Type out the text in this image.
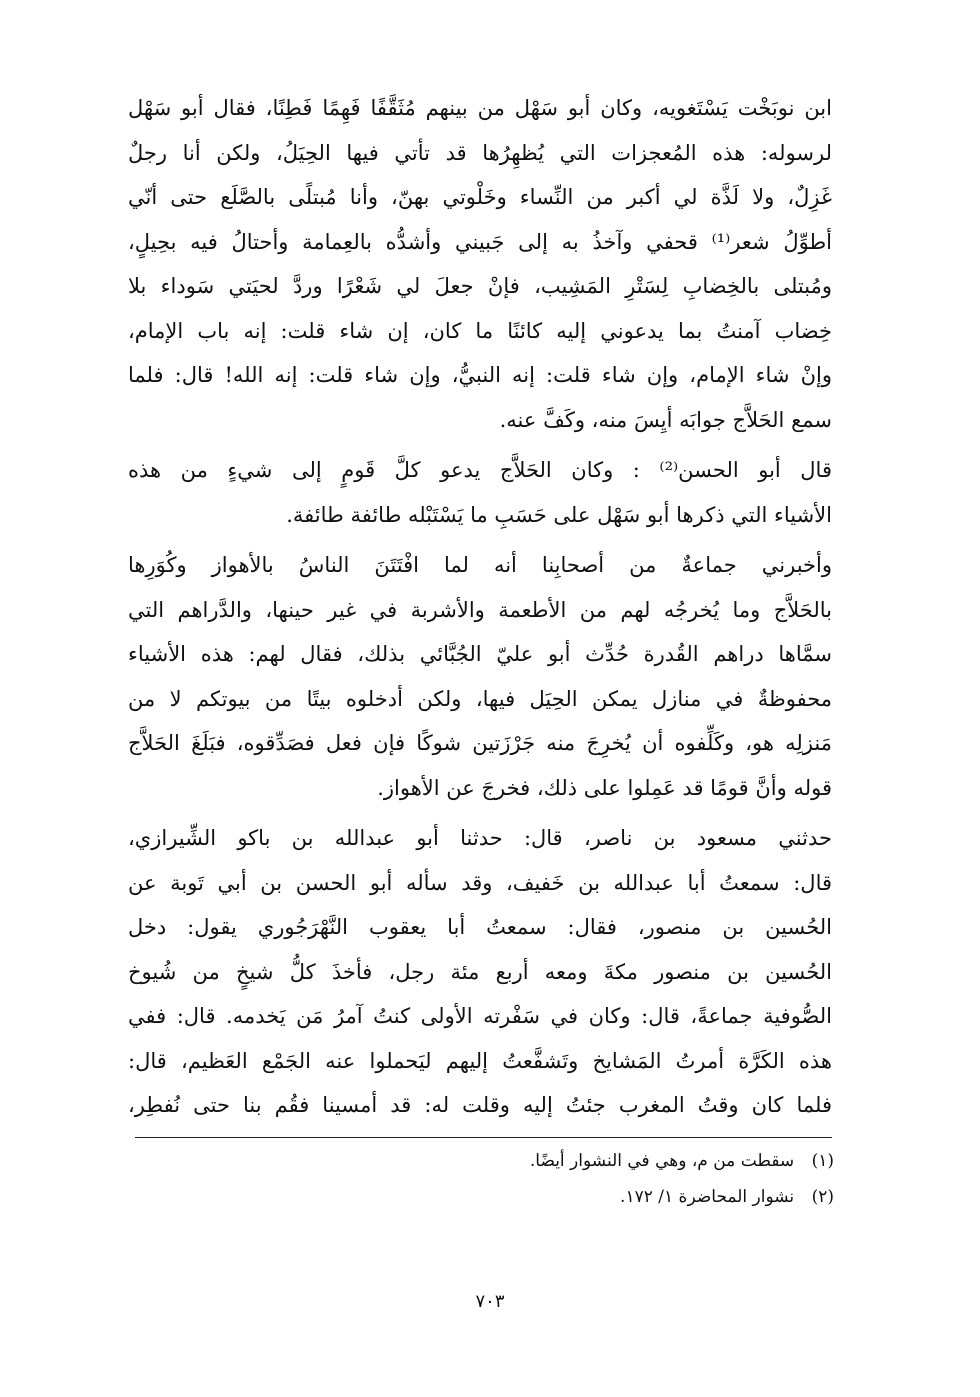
ابن نوبَخْت يَسْتَغويه، وكان أبو سَهْل من بينهم مُثَقَّفًا فَهِمًا فَطِنًا، فقال أبو سَهْل
لرسوله: هذه المُعجزات التي يُظهِرُها قد تأتي فيها الحِيَلُ، ولكن أنا رجلٌ
غَزِلٌ، ولا لَذَّة لي أكبر من النِّساء وخَلْوتي بهنّ، وأنا مُبتلًى بالصَّلَع حتى أنّي
أطوِّلُ شعر⁽¹⁾ قحفي وآخذُ به إلى جَبيني وأشدُّه بالعِمامة وأحتالُ فيه بحِيلٍ،
ومُبتلى بالخِضابِ لِسَتْرِ المَشِيب، فإنْ جعلَ لي شَعْرًا وردَّ لحيَتي سَوداء بلا
خِضاب آمنتُ بما يدعوني إليه كائنًا ما كان، إن شاء قلت: إنه باب الإمام،
وإنْ شاء الإمام، وإن شاء قلت: إنه النبيُّ، وإن شاء قلت: إنه الله! قال: فلما
سمع الحَلاَّج جوابَه أيِسَ منه، وكَفَّ عنه.
قال أبو الحسن⁽²⁾ : وكان الحَلاَّج يدعو كلَّ قَومٍ إلى شيءٍ من هذه
الأشياء التي ذكرها أبو سَهْل على حَسَبِ ما يَسْتَبْله طائفة طائفة.
وأخبرني جماعةٌ من أصحابِنا أنه لما افْتَتَنَ الناسُ بالأهواز وكُوَرِها
بالحَلاَّج وما يُخرجُه لهم من الأطعمة والأشربة في غير حينها، والدَّراهم التي
سمَّاها دراهم القُدرة حُدِّث أبو عليّ الجُبَّائي بذلك، فقال لهم: هذه الأشياء
محفوظةٌ في منازل يمكن الحِيَل فيها، ولكن أدخلوه بيتًا من بيوتكم لا من
مَنزلِه هو، وكَلِّفوه أن يُخرِجَ منه جَرْزَتين شوكًا فإن فعل فصَدِّقوه، فبَلَغَ الحَلاَّج
قوله وأنَّ قومًا قد عَمِلوا على ذلك، فخرجَ عن الأهواز.
حدثني مسعود بن ناصر، قال: حدثنا أبو عبدالله بن باكو الشِّيرازي،
قال: سمعتُ أبا عبدالله بن خَفيف، وقد سأله أبو الحسن بن أبي تَوبة عن
الحُسين بن منصور، فقال: سمعتُ أبا يعقوب النَّهْرَجُوري يقول: دخل
الحُسين بن منصور مكةَ ومعه أربع مئة رجل، فأخذَ كلُّ شيخٍ من شُيوخ
الصُّوفية جماعةً، قال: وكان في سَفْرته الأولى كنتُ آمرُ مَن يَخدمه. قال: ففي
هذه الكَرَّة أمرتُ المَشايخ وتَشفَّعتُ إليهم ليَحملوا عنه الجَمْع العَظيم، قال:
فلما كان وقتُ المغرب جئتُ إليه وقلت له: قد أمسينا فقُم بنا حتى نُفطِر،
(١) سقطت من م، وهي في النشوار أيضًا.
(٢) نشوار المحاضرة ١/ ١٧٢.
٧٠٣
